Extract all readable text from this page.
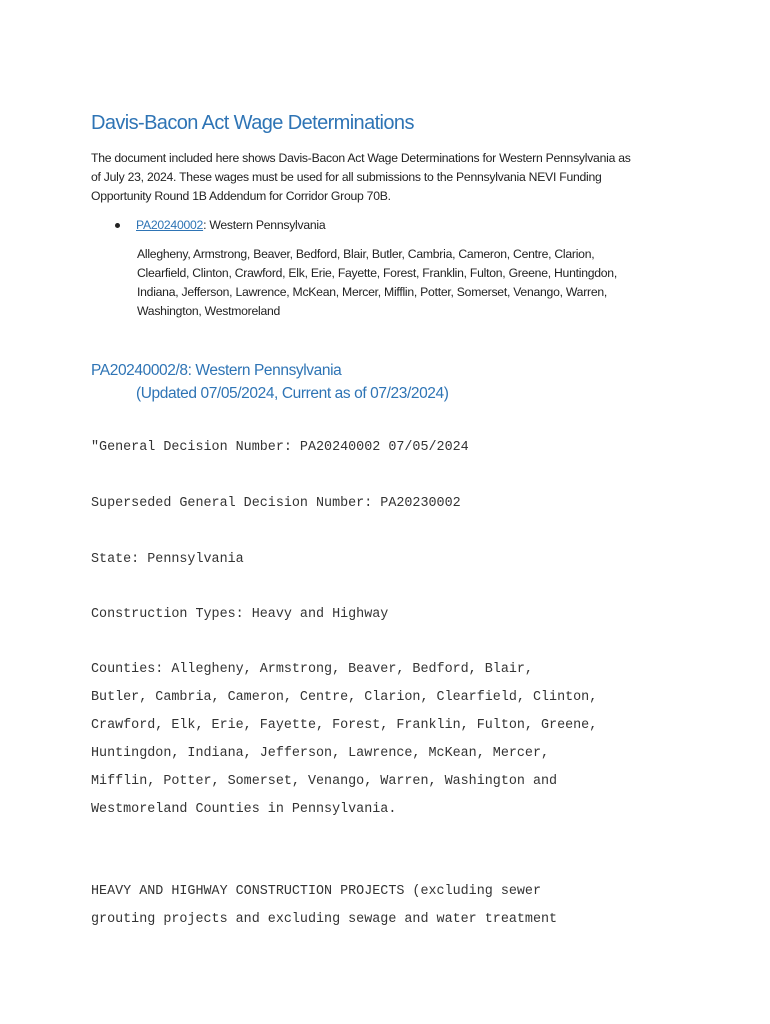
Davis-Bacon Act Wage Determinations
The document included here shows Davis-Bacon Act Wage Determinations for Western Pennsylvania as
of July 23, 2024. These wages must be used for all submissions to the Pennsylvania NEVI Funding
Opportunity Round 1B Addendum for Corridor Group 70B.
PA20240002: Western Pennsylvania
Allegheny, Armstrong, Beaver, Bedford, Blair, Butler, Cambria, Cameron, Centre, Clarion,
Clearfield, Clinton, Crawford, Elk, Erie, Fayette, Forest, Franklin, Fulton, Greene, Huntingdon,
Indiana, Jefferson, Lawrence, McKean, Mercer, Mifflin, Potter, Somerset, Venango, Warren,
Washington, Westmoreland
PA20240002/8: Western Pennsylvania
(Updated 07/05/2024, Current as of 07/23/2024)
"General Decision Number: PA20240002 07/05/2024
Superseded General Decision Number: PA20230002
State: Pennsylvania
Construction Types: Heavy and Highway
Counties: Allegheny, Armstrong, Beaver, Bedford, Blair,
Butler, Cambria, Cameron, Centre, Clarion, Clearfield, Clinton,
Crawford, Elk, Erie, Fayette, Forest, Franklin, Fulton, Greene,
Huntingdon, Indiana, Jefferson, Lawrence, McKean, Mercer,
Mifflin, Potter, Somerset, Venango, Warren, Washington and
Westmoreland Counties in Pennsylvania.
HEAVY AND HIGHWAY CONSTRUCTION PROJECTS (excluding sewer
grouting projects and excluding sewage and water treatment
